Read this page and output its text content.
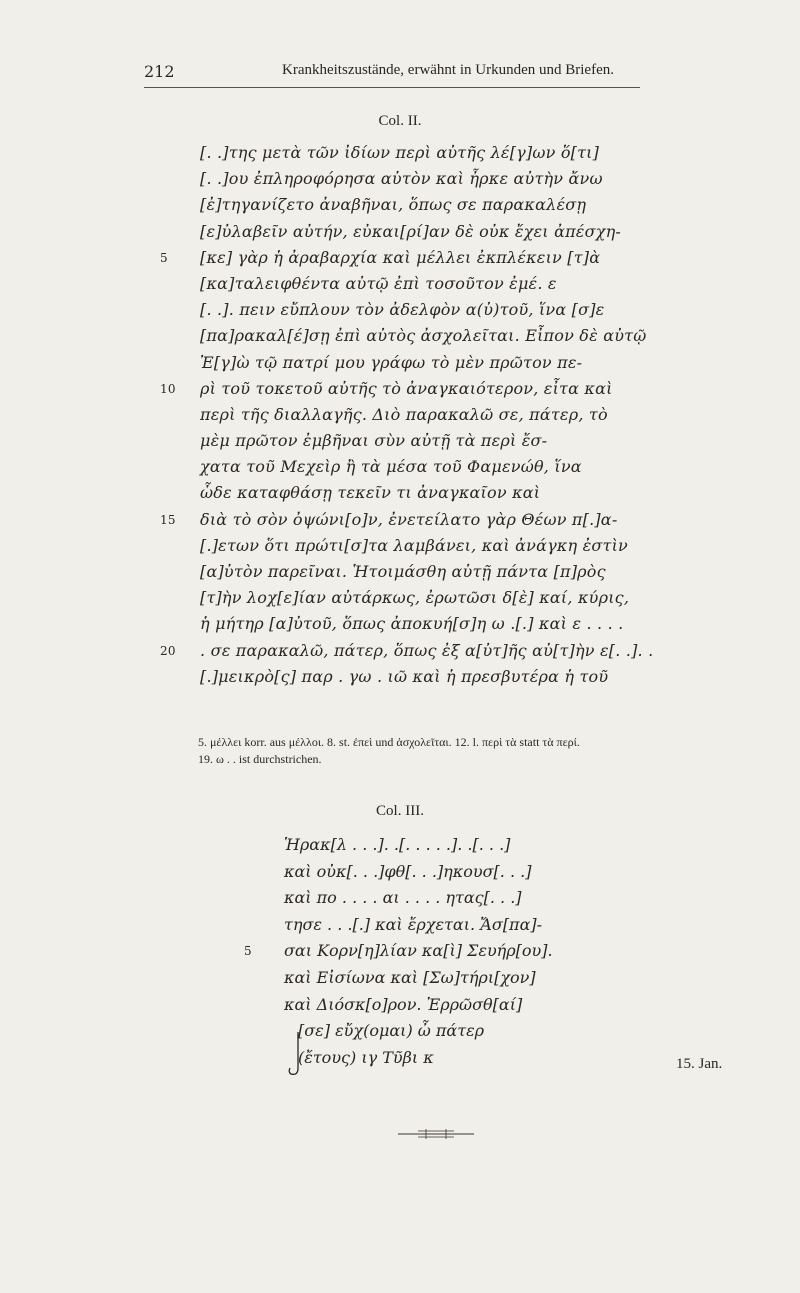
212	Krankheitszustände, erwähnt in Urkunden und Briefen.
Col. II.
[. .]της μετὰ τῶν ἰδίων περὶ αὐτῆς λέ[γ]ων ὅ[τι]
[. .]ου ἐπληροφόρησα αὐτὸν καὶ ἦρκε αὐτὴν ἄνω
[ἐ]τηγανίζετο ἀναβῆναι, ὅπως σε παρακαλέσῃ
[ε]ὐλαβεῖν αὐτήν, εὐκαι[ρί]αν δὲ οὐκ ἔχει ἀπέσχη-
5 [κε] γὰρ ἡ ἀραβαρχία καὶ μέλλει ἐκπλέκειν [τ]ὰ
[κα]ταλειφθέντα αὐτῷ ἐπὶ τοσοῦτον ἐμέ. ε
[. .]. πειν εὔπλουν τὸν ἀδελφὸν α(ὐ)τοῦ, ἵνα [σ]ε
[πα]ρακαλ[έ]σῃ ἐπὶ αὐτὸς ἀσχολεῖται. Εἶπον δὲ αὐτῷ
Ἐ[γ]ὼ τῷ πατρί μου γράφω τὸ μὲν πρῶτον πε-
10 ρὶ τοῦ τοκετοῦ αὐτῆς τὸ ἀναγκαιότερον, εἶτα καὶ
περὶ τῆς διαλλαγῆς. Διὸ παρακαλῶ σε, πάτερ, τὸ
μὲμ πρῶτον ἐμβῆναι σὺν αὐτῇ τὰ περὶ ἔσ-
χατα τοῦ Μεχεὶρ ἢ τὰ μέσα τοῦ Φαμενώθ, ἵνα
ὧδε καταφθάσῃ τεκεῖν τι ἀναγκαῖον καὶ
15 διὰ τὸ σὸν ὀψώνι[ο]ν, ἐνετείλατο γὰρ Θέων π[.]α-
[.]ετων ὅτι πρώτι[σ]τα λαμβάνει, καὶ ἀνάγκη ἐστὶν
[α]ὐτὸν παρεῖναι. Ἡτοιμάσθη αὐτῇ πάντα [π]ρὸς
[τ]ὴν λοχ[ε]ίαν αὐτάρκως, ἐρωτῶσι δ[ὲ] καί, κύρις,
ἡ μήτηρ [α]ὐτοῦ, ὅπως ἀποκυή[σ]η ω .[.] καὶ ε . . . .
20 . σε παρακαλῶ, πάτερ, ὅπως ἐξ α[ὐτ]ῆς αὐ[τ]ὴν ε[. .]. .
[.]μεικρὸ[ς] παρ . γω . ιῶ καὶ ἡ πρεσβυτέρα ἡ τοῦ
5. μέλλει korr. aus μέλλοι. 8. st. ἐπεὶ und ἀσχολεῖται. 12. l. περὶ τὰ statt τὰ περί.
19. ω . . ist durchstrichen.
Col. III.
Ἡρακ[λ . . .]. .[. . . . .]. .[. . .]
καὶ οὐκ[. . .]φθ[. . .]ηκουσ[. . .]
καὶ πο . . . . αι . . . . ητας[. . .]
τησε . . .[.] καὶ ἔρχεται. Ἄσ[πα]-
5 σαι Κορν[η]λίαν κα[ὶ] Σευήρ[ου].
καὶ Εἰσίωνα καὶ [Σω]τήρι[χον]
καὶ Διόσκ[ο]ρον. Ἐρρῶσθ[αί]
[σε] εὔχ(ομαι) ὦ πάτερ
(ἔτους) ιγ Τῦβι κ	15. Jan.
